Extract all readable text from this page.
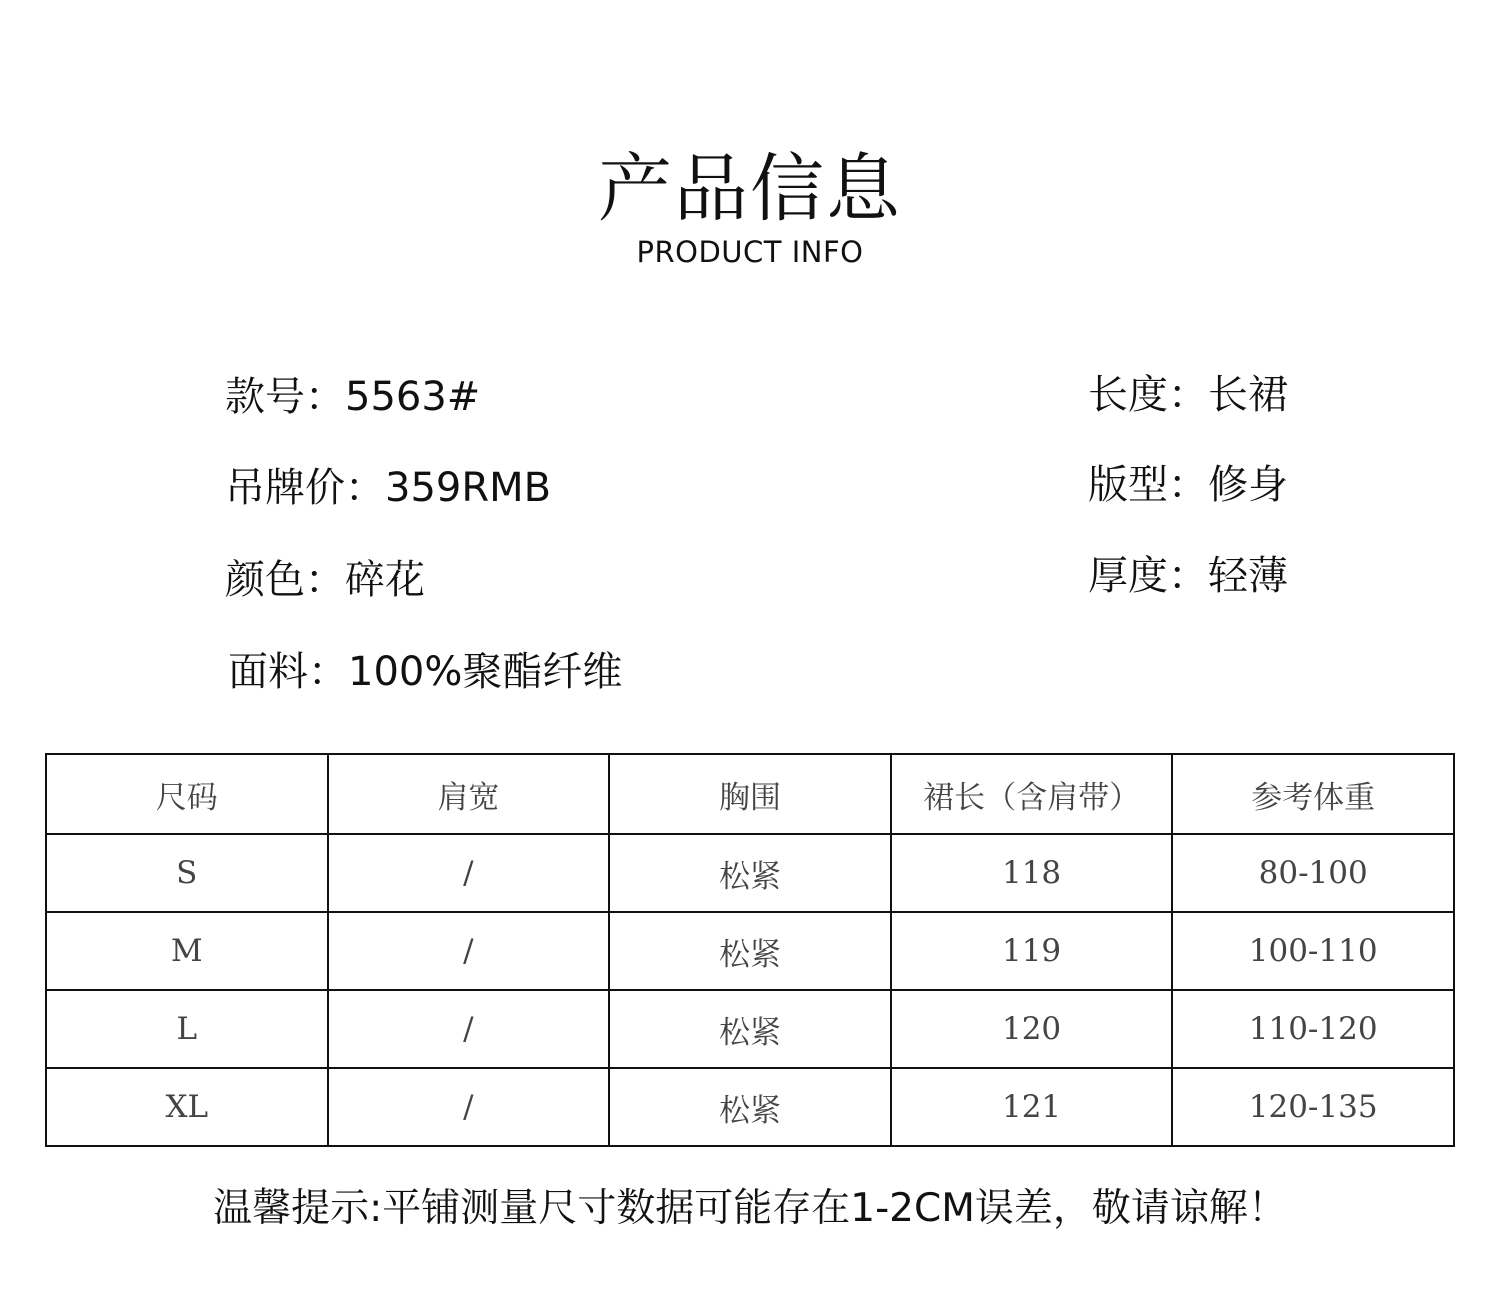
产品信息
PRODUCT INFO
款号：5563#
吊牌价：359RMB
颜色：碎花
面料：100%聚酯纤维
长度：长裙
版型：修身
厚度：轻薄
尺码	肩宽	胸围	裙长（含肩带）	参考体重
S	/	松紧	118	80-100
M	/	松紧	119	100-110
L	/	松紧	120	110-120
XL	/	松紧	121	120-135
温馨提示:平铺测量尺寸数据可能存在1-2CM误差，敬请谅解！
